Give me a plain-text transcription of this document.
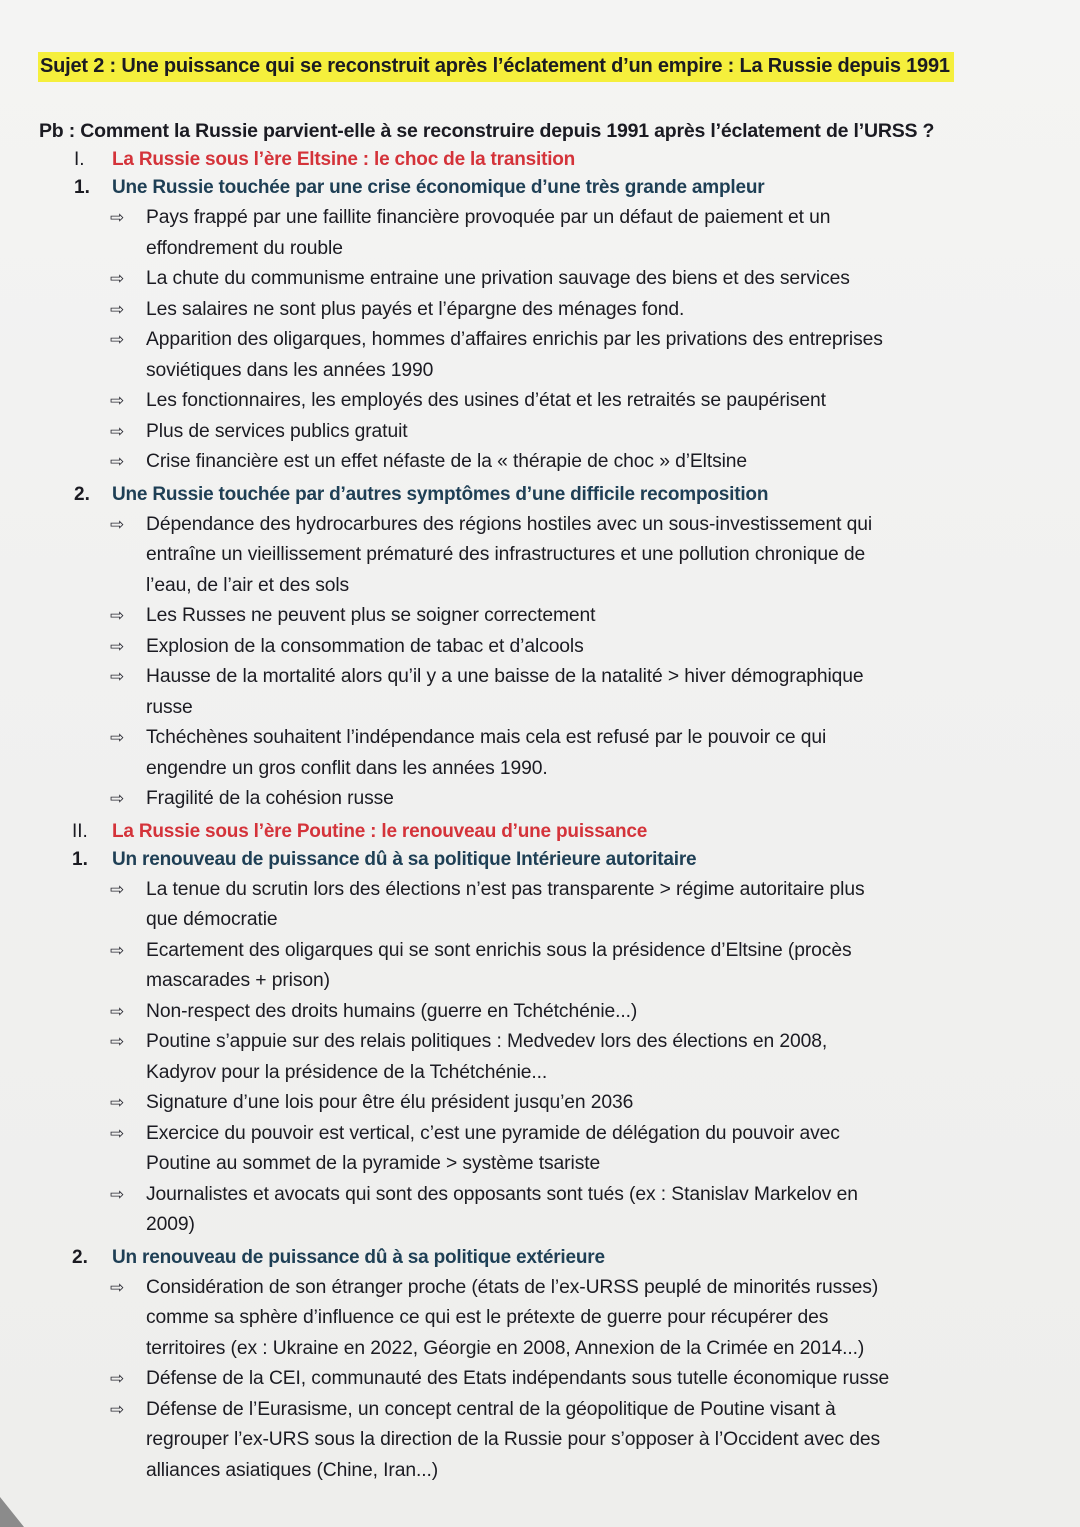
Sujet 2 : Une puissance qui se reconstruit après l’éclatement d’un empire : La Russie depuis 1991
Pb : Comment la Russie parvient-elle à se reconstruire depuis 1991 après l’éclatement de l’URSS ?
I.	La Russie sous l’ère Eltsine : le choc de la transition
1.	Une Russie touchée par une crise économique d’une très grande ampleur
⇨	Pays frappé par une faillite financière provoquée par un défaut de paiement et un effondrement du rouble
⇨	La chute du communisme entraine une privation sauvage des biens et des services
⇨	Les salaires ne sont plus payés et l’épargne des ménages fond.
⇨	Apparition des oligarques, hommes d’affaires enrichis par les privations des entreprises soviétiques dans les années 1990
⇨	Les fonctionnaires, les employés des usines d’état et les retraités se paupérisent
⇨	Plus de services publics gratuit
⇨	Crise financière est un effet néfaste de la « thérapie de choc » d’Eltsine
2.	Une Russie touchée par d’autres symptômes d’une difficile recomposition
⇨	Dépendance des hydrocarbures des régions hostiles avec un sous-investissement qui entraîne un vieillissement prématuré des infrastructures et une pollution chronique de l’eau, de l’air et des sols
⇨	Les Russes ne peuvent plus se soigner correctement
⇨	Explosion de la consommation de tabac et d’alcools
⇨	Hausse de la mortalité alors qu’il y a une baisse de la natalité > hiver démographique russe
⇨	Tchéchènes souhaitent l’indépendance mais cela est refusé par le pouvoir ce qui engendre un gros conflit dans les années 1990.
⇨	Fragilité de la cohésion russe
II.	La Russie sous l’ère Poutine : le renouveau d’une puissance
1.	Un renouveau de puissance dû à sa politique Intérieure autoritaire
⇨	La tenue du scrutin lors des élections n’est pas transparente > régime autoritaire plus que démocratie
⇨	Ecartement des oligarques qui se sont enrichis sous la présidence d’Eltsine (procès mascarades + prison)
⇨	Non-respect des droits humains (guerre en Tchétchénie...)
⇨	Poutine s’appuie sur des relais politiques : Medvedev lors des élections en 2008, Kadyrov pour la présidence de la Tchétchénie...
⇨	Signature d’une lois pour être élu président jusqu’en 2036
⇨	Exercice du pouvoir est vertical, c’est une pyramide de délégation du pouvoir avec Poutine au sommet de la pyramide > système tsariste
⇨	Journalistes et avocats qui sont des opposants sont tués (ex : Stanislav Markelov en 2009)
2.	Un renouveau de puissance dû à sa politique extérieure
⇨	Considération de son étranger proche (états de l’ex-URSS peuplé de minorités russes) comme sa sphère d’influence ce qui est le prétexte de guerre pour récupérer des territoires (ex : Ukraine en 2022, Géorgie en 2008, Annexion de la Crimée en 2014...)
⇨	Défense de la CEI, communauté des Etats indépendants sous tutelle économique russe
⇨	Défense de l’Eurasisme, un concept central de la géopolitique de Poutine visant à regrouper l’ex-URS sous la direction de la Russie pour s’opposer à l’Occident avec des alliances asiatiques (Chine, Iran...)
